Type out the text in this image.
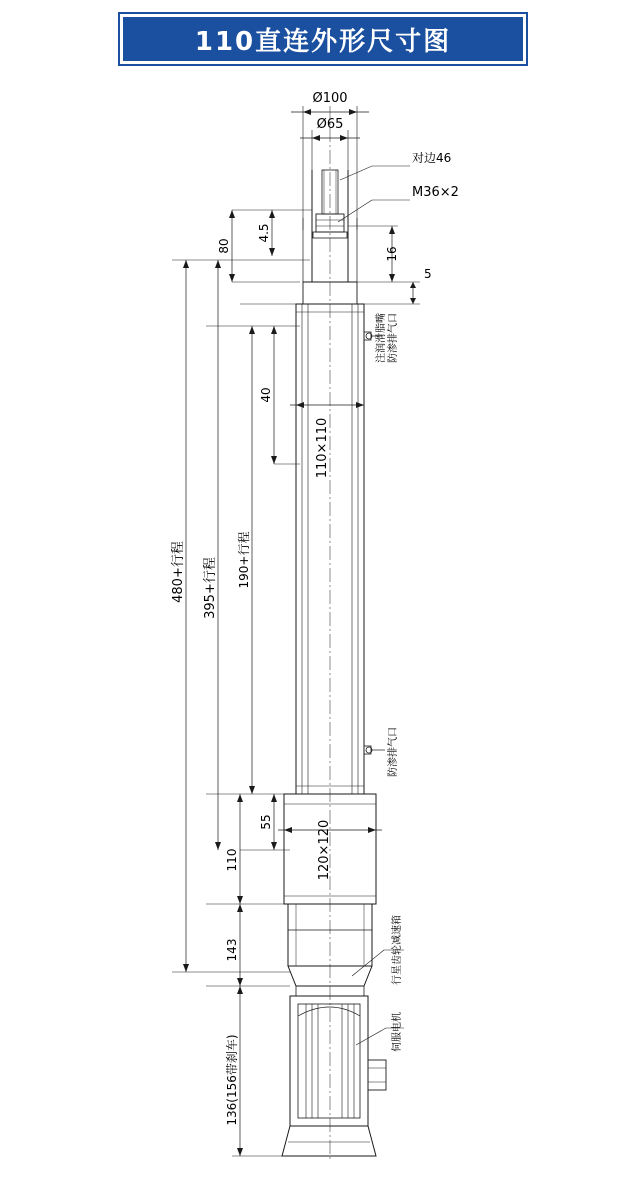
110直连外形尺寸图
Ø100
Ø65
对边46
M36×2
80
4.5
16
5
40
110×110
190+行程
395+行程
480+行程
55
110	120×120
143
136(156带刹车)
防渗排气口
注润滑脂嘴
防渗排气口
行星齿轮减速箱
伺服电机
